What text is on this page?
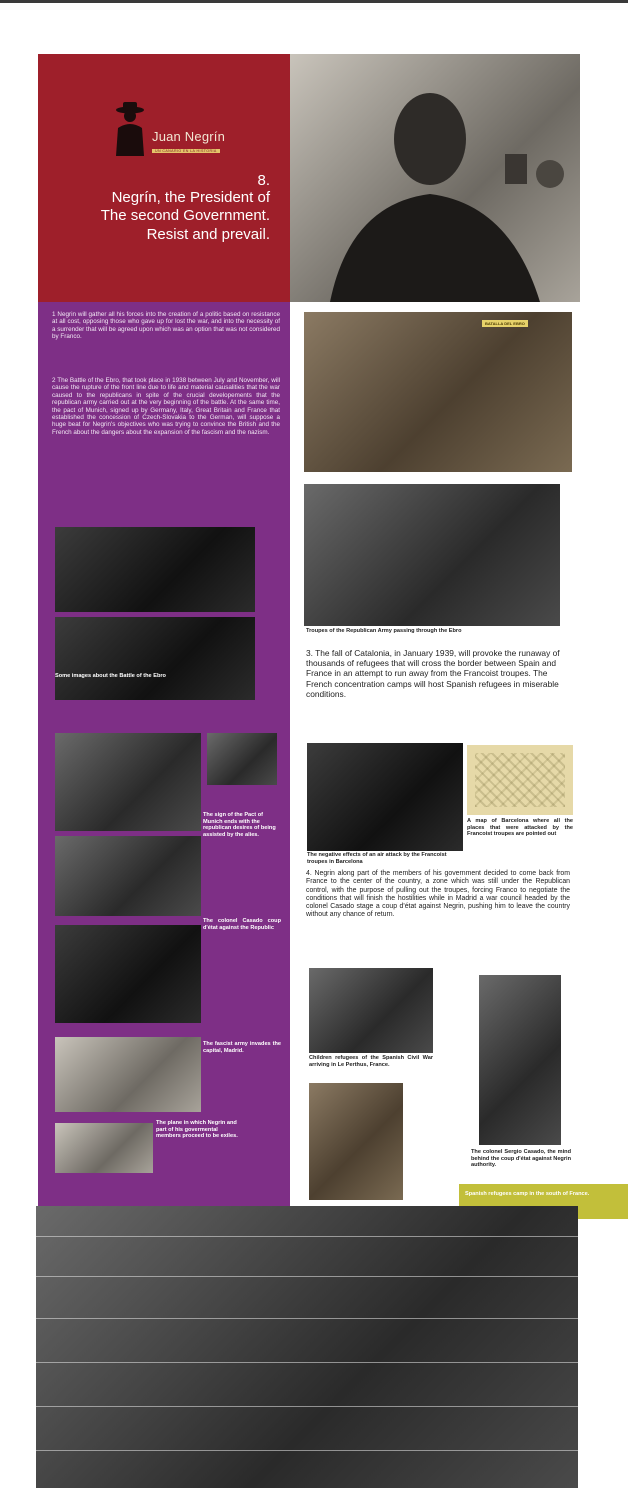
Juan Negrín
UN CANARIO EN LA HISTORIA
8.
Negrín, the President of
The second Government.
Resist and prevail.
1 Negrin will gather all his forces into the creation of a politic based on resistance at all cost, opposing those who gave up for lost the war, and into the necessity of a surrender that will be agreed upon which was an option that was not considered by Franco.
2 The Battle of the Ebro, that took place in 1938 between July and November, will cause the rupture of the front line due to life and material causalities that the war caused to the republicans in spite of the crucial developements that the republican army carried out at the very beginning of the battle. At the same time, the pact of Munich, signed up by Germany, Italy, Great Britain and France that established the concession of Czech-Slovakia to the German, will suppose a huge beat for Negrin's objectives who was trying to convince the British and the French about the dangers about the expansion of the fascism and the nazism.
Some images about the Battle of the Ebro
The sign of the Pact of Munich ends with the republican desires of being assisted by the alies.
The colonel Casado coup d'état against the Republic
The fascist army invades the capital, Madrid.
The plane in which Negrin and part of his govermental members proceed to be exiles.
BATALLA DEL EBRO
Troupes of the Republican Army passing through the Ebro
3. The fall of Catalonia, in January 1939, will provoke the runaway of thousands of refugees that will cross the border between Spain and France in an attempt to run away from the Francoist troupes. The French concentration camps will host Spanish refugees in miserable conditions.
A map of Barcelona where all the places that were attacked by the Francoist troupes are pointed out
The negative effects of an air attack by the Francoist troupes in Barcelona
4. Negrin along part of the members of his government decided to come back from France to the center of the country, a zone which was still under the Republican control, with the purpose of pulling out the troupes, forcing Franco to negotiate the conditions that will finish the hostilities while in Madrid a war council headed by the colonel Casado stage a coup d'état against Negrin, pushing him to leave the country without any chance of return.
Children refugees of the Spanish Civil War arriving in Le Perthus, France.
The colonel Sergio Casado, the mind behind the coup d'état against Negrin authority.
Spanish refugees camp in the south of France.
